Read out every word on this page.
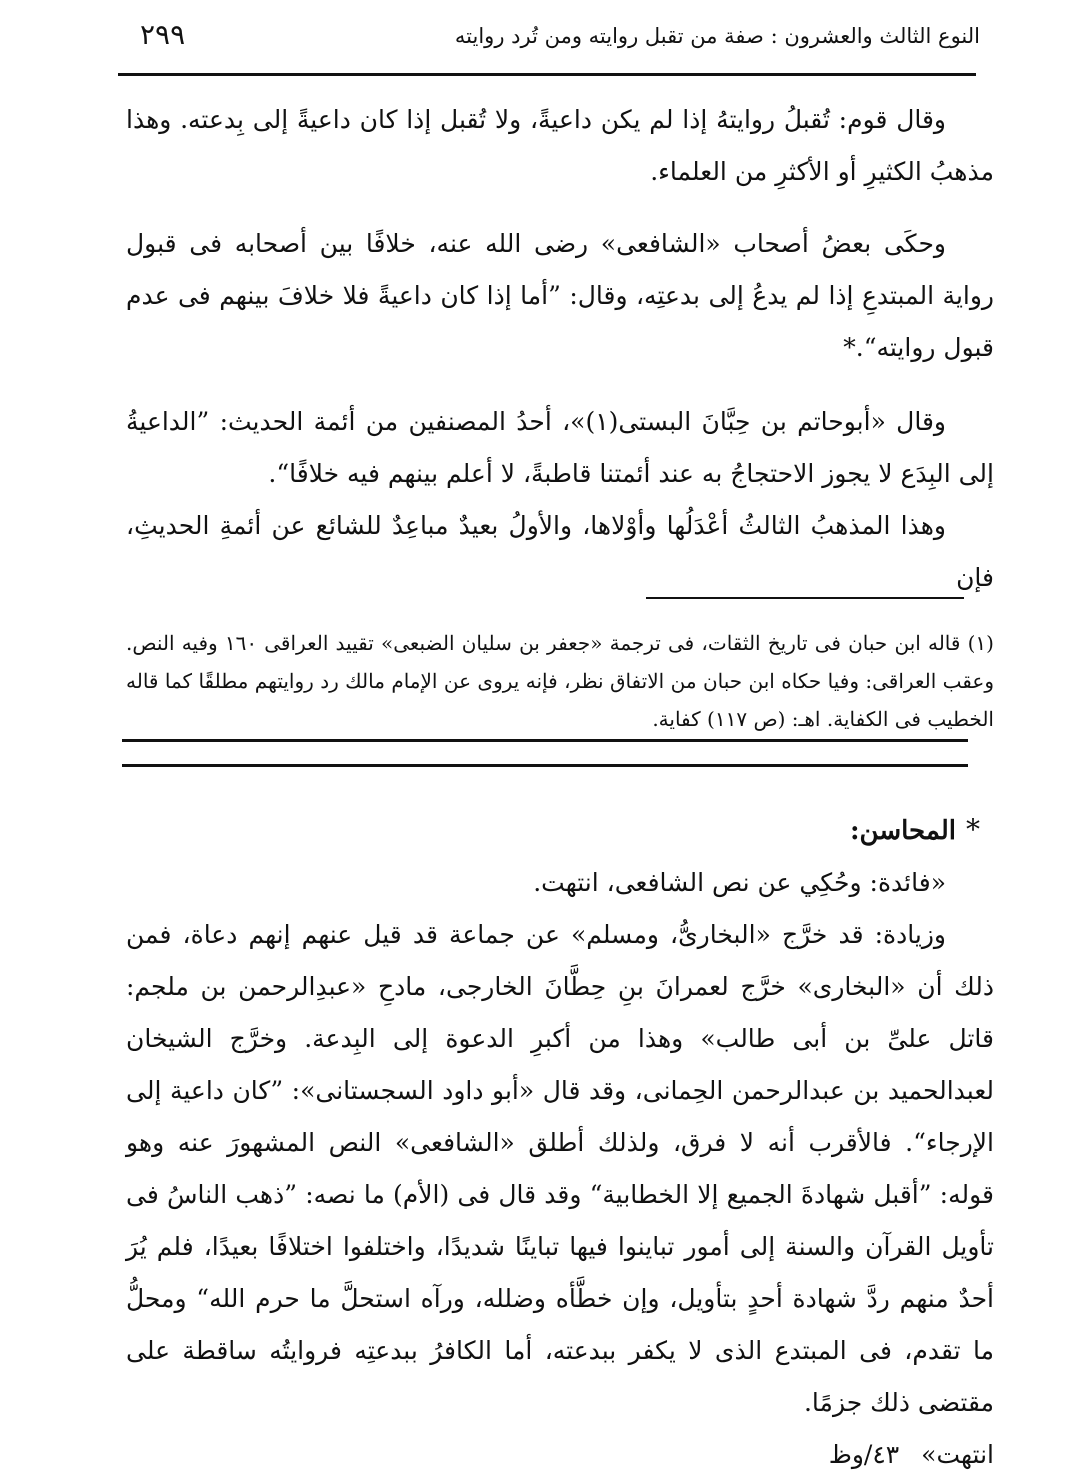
النوع الثالث والعشرون : صفة من تقبل روايته ومن تُرد روايته
٢٩٩

وقال قوم: تُقبلُ روايتهُ إذا لم يكن داعيةً، ولا تُقبل إذا كان داعيةً إلى بِدعته. وهذا مذهبُ الكثيرِ أو الأكثرِ من العلماء.

وحكَى بعضُ أصحاب «الشافعى» رضى الله عنه، خلافًا بين أصحابه فى قبول رواية المبتدعِ إذا لم يدعُ إلى بدعتِه، وقال: ”أما إذا كان داعيةً فلا خلافَ بينهم فى عدم قبول روايته“.*

وقال «أبوحاتم بن حِبَّانَ البستى(١)»، أحدُ المصنفين من أئمة الحديث: ”الداعيةُ إلى البِدَع لا يجوز الاحتجاجُ به عند أئمتنا قاطبةً، لا أعلم بينهم فيه خلافًا“.

وهذا المذهبُ الثالثُ أعْدَلُها وأوْلاها، والأولُ بعيدٌ مباعِدٌ للشائع عن أئمةِ الحديثِ، فإن

(١) قاله ابن حبان فى تاريخ الثقات، فى ترجمة «جعفر بن سليان الضبعى» تقييد العراقى ١٦٠ وفيه النص. وعقب العراقى: وفيا حكاه ابن حبان من الاتفاق نظر، فإنه يروى عن الإمام مالك رد روايتهم مطلقًا كما قاله الخطيب فى الكفاية. اهـ: (ص ١١٧) كفاية.

*المحاسن:

«فائدة: وحُكِي عن نص الشافعى، انتهت.

وزيادة: قد خرَّج «البخارىُّ، ومسلم» عن جماعة قد قيل عنهم إنهم دعاة، فمن ذلك أن «البخارى» خرَّج لعمرانَ بنِ حِطَّانَ الخارجى، مادحِ «عبدِالرحمن بن ملجم: قاتل علىِّ بن أبى طالب» وهذا من أكبرِ الدعوة إلى البِدعة. وخرَّج الشيخان لعبدالحميد بن عبدالرحمن الحِمانى، وقد قال «أبو داود السجستانى»: ”كان داعية إلى الإرجاء“. فالأقرب أنه لا فرق، ولذلك أطلق «الشافعى» النص المشهورَ عنه وهو قوله: ”أقبل شهادةَ الجميع إلا الخطابية“ وقد قال فى (الأم) ما نصه: ”ذهب الناسُ فى تأويل القرآن والسنة إلى أمور تباينوا فيها تباينًا شديدًا، واختلفوا اختلافًا بعيدًا، فلم يُرَ أحدٌ منهم ردَّ شهادة أحدٍ بتأويل، وإن خطَّأه وضلله، ورآه استحلَّ ما حرم الله“ ومحلُّ ما تقدم، فى المبتدع الذى لا يكفر ببدعته، أما الكافرُ ببدعتِه فروايتُه ساقطة على مقتضى ذلك جزمًا.

انتهت» ٤٣/وظ
